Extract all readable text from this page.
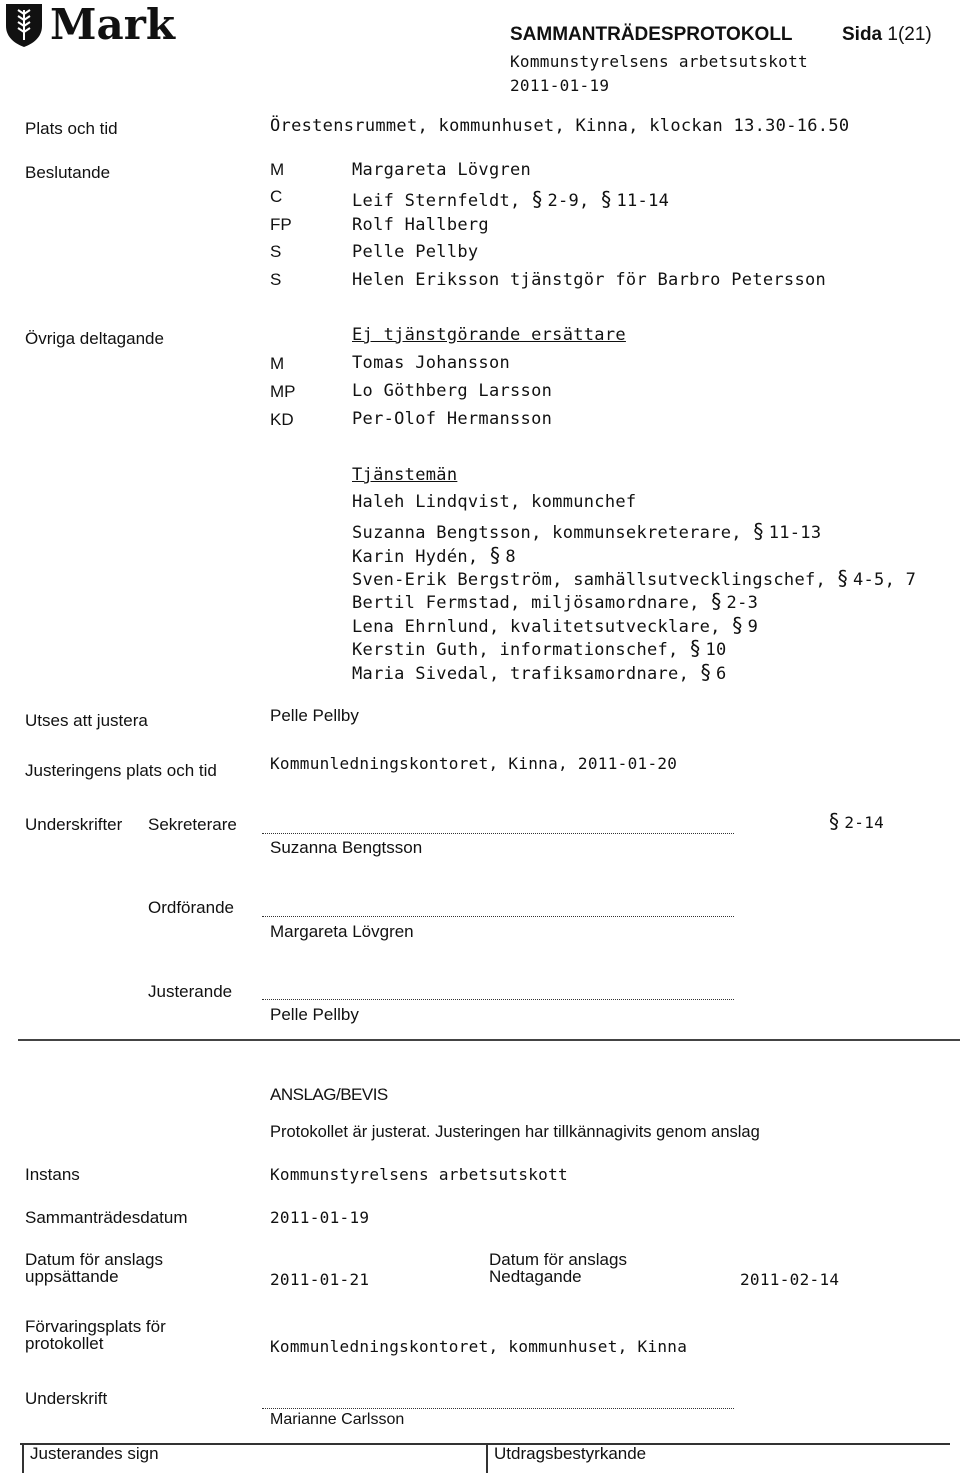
Mark	SAMMANTRÄDESPROTOKOLL	Sida 1(21)
Kommunstyrelsens arbetsutskott
2011-01-19
Plats och tid	Örestensrummet, kommunhuset, Kinna, klockan 13.30-16.50
Beslutande	M	Margareta Lövgren
C	Leif Sternfeldt, § 2-9, § 11-14
FP	Rolf Hallberg
S	Pelle Pellby
S	Helen Eriksson tjänstgör för Barbro Petersson
Övriga deltagande	Ej tjänstgörande ersättare
M	Tomas Johansson
MP	Lo Göthberg Larsson
KD	Per-Olof Hermansson
Tjänstemän
Haleh Lindqvist, kommunchef
Suzanna Bengtsson, kommunsekreterare, § 11-13
Karin Hydén, § 8
Sven-Erik Bergström, samhällsutvecklingschef, § 4-5, 7
Bertil Fermstad, miljösamordnare, § 2-3
Lena Ehrnlund, kvalitetsutvecklare, § 9
Kerstin Guth, informationschef, § 10
Maria Sivedal, trafiksamordnare, § 6
Utses att justera	Pelle Pellby
Justeringens plats och tid	Kommunledningskontoret, Kinna, 2011-01-20
Underskrifter Sekreterare
Suzanna Bengtsson
§ 2-14
Ordförande
Margareta Lövgren
Justerande
Pelle Pellby
ANSLAG/BEVIS
Protokollet är justerat. Justeringen har tillkännagivits genom anslag
Instans	Kommunstyrelsens arbetsutskott
Sammanträdesdatum	2011-01-19
Datum för anslags
uppsättande	2011-01-21
Datum för anslags
Nedtagande	2011-02-14
Förvaringsplats för
protokollet	Kommunledningskontoret, kommunhuset, Kinna
Underskrift
Marianne Carlsson
Justerandes sign	Utdragsbestyrkande
